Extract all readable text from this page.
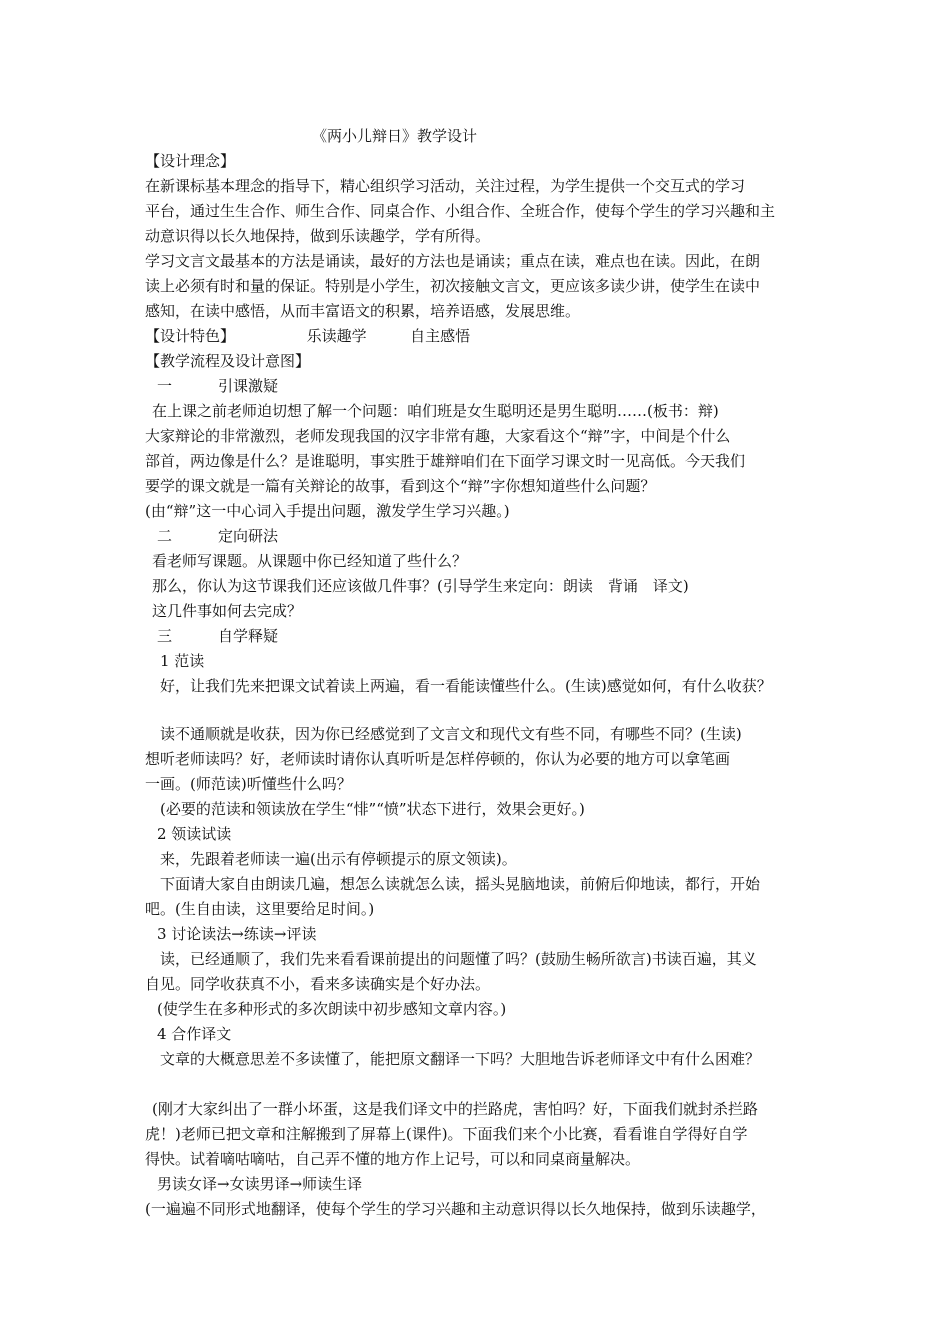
《两小儿辩日》教学设计

【设计理念】

在新课标基本理念的指导下，精心组织学习活动，关注过程，为学生提供一个交互式的学习

平台，通过生生合作、师生合作、同桌合作、小组合作、全班合作，使每个学生的学习兴趣和主

动意识得以长久地保持，做到乐读趣学，学有所得。

学习文言文最基本的方法是诵读，最好的方法也是诵读；重点在读，难点也在读。因此，在朗

读上必须有时和量的保证。特别是小学生，初次接触文言文，更应该多读少讲，使学生在读中

感知，在读中感悟，从而丰富语文的积累，培养语感，发展思维。

【设计特色】	乐读趣学	自主感悟

【教学流程及设计意图】

一	引课激疑

在上课之前老师迫切想了解一个问题：咱们班是女生聪明还是男生聪明……(板书：辩)

大家辩论的非常激烈，老师发现我国的汉字非常有趣，大家看这个“辩”字，中间是个什么

部首，两边像是什么？是谁聪明，事实胜于雄辩咱们在下面学习课文时一见高低。今天我们

要学的课文就是一篇有关辩论的故事，看到这个“辩”字你想知道些什么问题？

(由“辩”这一中心词入手提出问题，激发学生学习兴趣。)

二	定向研法

看老师写课题。从课题中你已经知道了些什么？

那么，你认为这节课我们还应该做几件事？(引导学生来定向：朗读　背诵　译文)

这几件事如何去完成？

三	自学释疑

1 范读

好，让我们先来把课文试着读上两遍，看一看能读懂些什么。(生读)感觉如何，有什么收获？

读不通顺就是收获，因为你已经感觉到了文言文和现代文有些不同，有哪些不同？(生读)

想听老师读吗？好，老师读时请你认真听听是怎样停顿的，你认为必要的地方可以拿笔画

一画。(师范读)听懂些什么吗？

(必要的范读和领读放在学生“悱”“愤”状态下进行，效果会更好。)

2 领读试读

来，先跟着老师读一遍(出示有停顿提示的原文领读)。

下面请大家自由朗读几遍，想怎么读就怎么读，摇头晃脑地读，前俯后仰地读，都行，开始

吧。(生自由读，这里要给足时间。)

3 讨论读法→练读→评读

读，已经通顺了，我们先来看看课前提出的问题懂了吗？(鼓励生畅所欲言)书读百遍，其义

自见。同学收获真不小，看来多读确实是个好办法。

(使学生在多种形式的多次朗读中初步感知文章内容。)

4 合作译文

文章的大概意思差不多读懂了，能把原文翻译一下吗？大胆地告诉老师译文中有什么困难？

(刚才大家纠出了一群小坏蛋，这是我们译文中的拦路虎，害怕吗？好，下面我们就封杀拦路

虎！)老师已把文章和注解搬到了屏幕上(课件)。下面我们来个小比赛，看看谁自学得好自学

得快。试着嘀咕嘀咕，自己弄不懂的地方作上记号，可以和同桌商量解决。

男读女译→女读男译→师读生译

(一遍遍不同形式地翻译，使每个学生的学习兴趣和主动意识得以长久地保持，做到乐读趣学，
